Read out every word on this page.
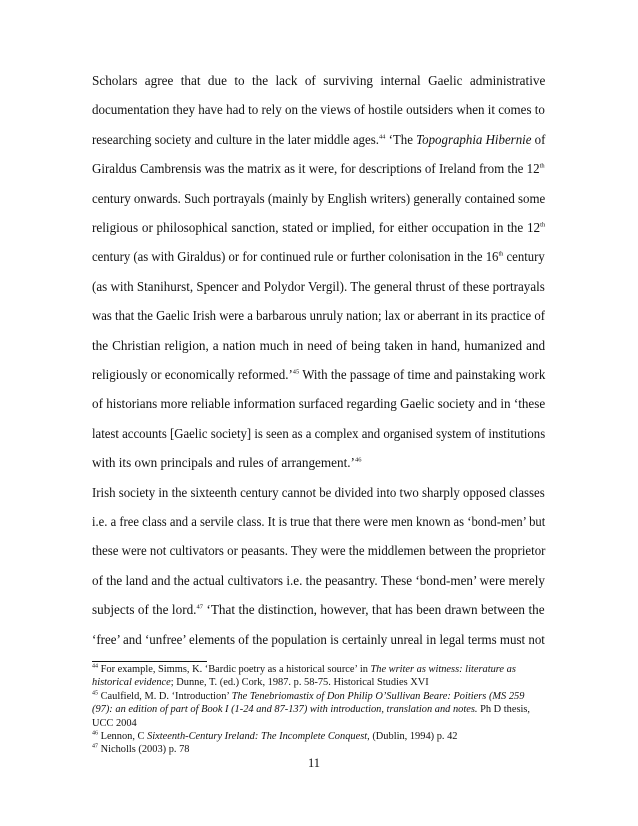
Scholars agree that due to the lack of surviving internal Gaelic administrative
documentation they have had to rely on the views of hostile outsiders when it comes to
researching society and culture in the later middle ages.$^{44}$ ‘The Topographia Hibernie of
Giraldus Cambrensis was the matrix as it were, for descriptions of Ireland from the 12th
century onwards. Such portrayals (mainly by English writers) generally contained some
religious or philosophical sanction, stated or implied, for either occupation in the 12th
century (as with Giraldus) or for continued rule or further colonisation in the 16th century
(as with Stanihurst, Spencer and Polydor Vergil). The general thrust of these portrayals
was that the Gaelic Irish were a barbarous unruly nation; lax or aberrant in its practice of
the Christian religion, a nation much in need of being taken in hand, humanized and
religiously or economically reformed.’$^{45}$ With the passage of time and painstaking work
of historians more reliable information surfaced regarding Gaelic society and in ‘these
latest accounts [Gaelic society] is seen as a complex and organised system of institutions
with its own principals and rules of arrangement.’$^{46}$
Irish society in the sixteenth century cannot be divided into two sharply opposed classes
i.e. a free class and a servile class. It is true that there were men known as ‘bond-men’ but
these were not cultivators or peasants. They were the middlemen between the proprietor
of the land and the actual cultivators i.e. the peasantry. These ‘bond-men’ were merely
subjects of the lord.$^{47}$ ‘That the distinction, however, that has been drawn between the
‘free’ and ‘unfree’ elements of the population is certainly unreal in legal terms must not
$^{44}$ For example, Simms, K. ‘Bardic poetry as a historical source’ in The writer as witness: literature as
historical evidence; Dunne, T. (ed.) Cork, 1987. p. 58-75. Historical Studies XVI
$^{45}$ Caulfield, M. D. ‘Introduction’ The Tenebriomastix of Don Philip O’Sullivan Beare: Poitiers (MS 259
(97): an edition of part of Book I (1-24 and 87-137) with introduction, translation and notes. Ph D thesis,
UCC 2004
$^{46}$ Lennon, C Sixteenth-Century Ireland: The Incomplete Conquest, (Dublin, 1994) p. 42
$^{47}$ Nicholls (2003) p. 78
11
